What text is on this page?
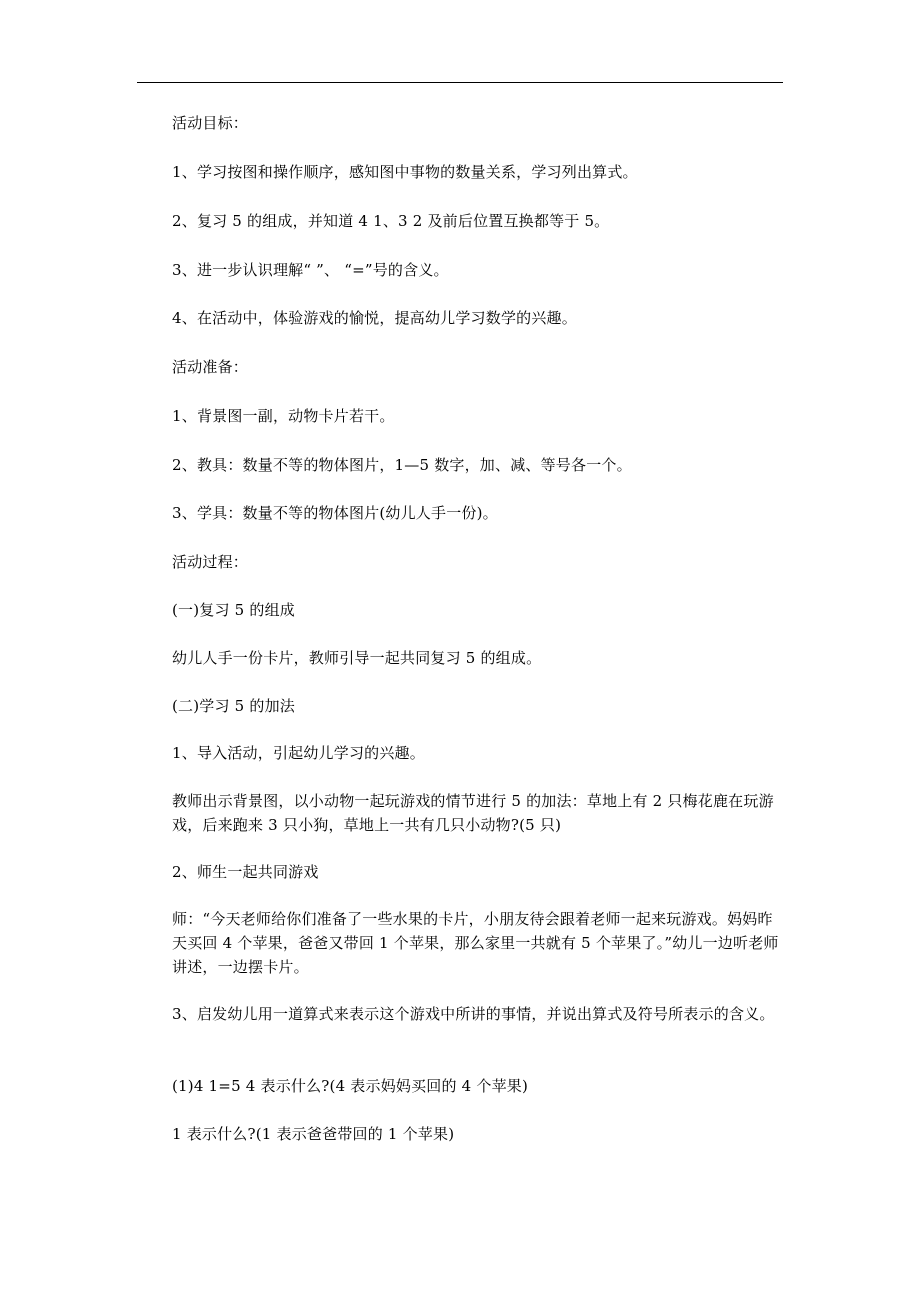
活动目标：
1、学习按图和操作顺序，感知图中事物的数量关系，学习列出算式。
2、复习 5 的组成，并知道 4 1、3 2 及前后位置互换都等于 5。
3、进一步认识理解“ ”、 “=”号的含义。
4、在活动中，体验游戏的愉悦，提高幼儿学习数学的兴趣。
活动准备：
1、背景图一副，动物卡片若干。
2、教具：数量不等的物体图片，1—5 数字，加、减、等号各一个。
3、学具：数量不等的物体图片(幼儿人手一份)。
活动过程：
(一)复习 5 的组成
幼儿人手一份卡片，教师引导一起共同复习 5 的组成。
(二)学习 5 的加法
1、导入活动，引起幼儿学习的兴趣。
教师出示背景图，以小动物一起玩游戏的情节进行 5 的加法：草地上有 2 只梅花鹿在玩游戏，后来跑来 3 只小狗，草地上一共有几只小动物?(5 只)
2、师生一起共同游戏
师：“今天老师给你们准备了一些水果的卡片，小朋友待会跟着老师一起来玩游戏。妈妈昨天买回 4 个苹果，爸爸又带回 1 个苹果，那么家里一共就有 5 个苹果了。”幼儿一边听老师讲述，一边摆卡片。
3、启发幼儿用一道算式来表示这个游戏中所讲的事情，并说出算式及符号所表示的含义。
(1)4 1=5 4 表示什么?(4 表示妈妈买回的 4 个苹果)
1 表示什么?(1 表示爸爸带回的 1 个苹果)
